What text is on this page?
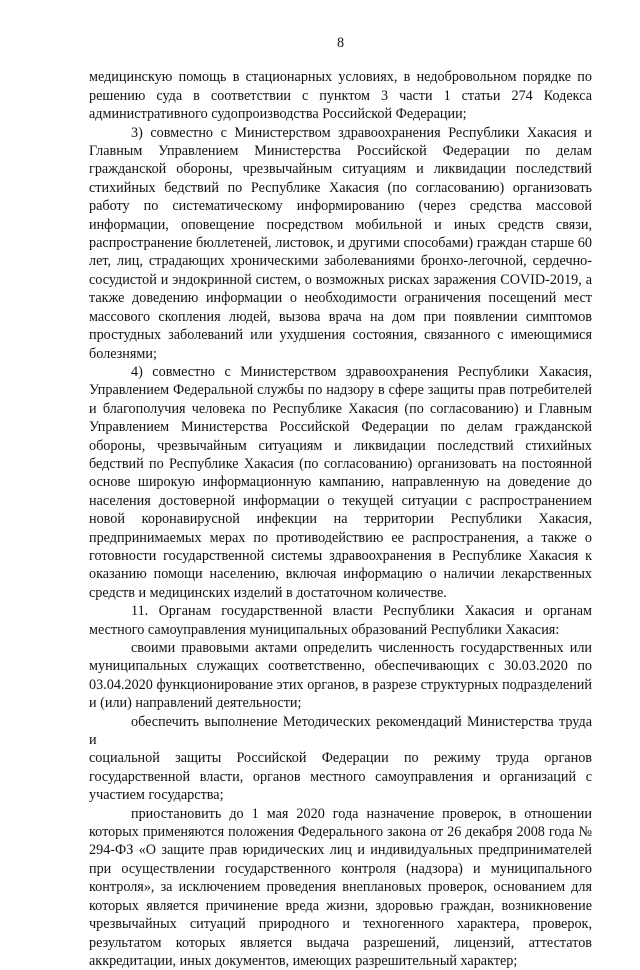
8
медицинскую помощь в стационарных условиях, в недобровольном порядке по
решению суда в соответствии с пунктом 3 части 1 статьи 274 Кодекса
административного судопроизводства Российской Федерации;
3) совместно с Министерством здравоохранения Республики Хакасия и
Главным Управлением Министерства Российской Федерации по делам
гражданской обороны, чрезвычайным ситуациям и ликвидации последствий
стихийных бедствий по Республике Хакасия (по согласованию) организовать
работу по систематическому информированию (через средства массовой
информации, оповещение посредством мобильной и иных средств связи,
распространение бюллетеней, листовок, и другими способами) граждан старше 60
лет, лиц, страдающих хроническими заболеваниями бронхо-легочной, сердечно-
сосудистой и эндокринной систем, о возможных рисках заражения COVID-2019, а
также доведению информации о необходимости ограничения посещений мест
массового скопления людей, вызова врача на дом при появлении симптомов
простудных заболеваний или ухудшения состояния, связанного с имеющимися
болезнями;
4) совместно с Министерством здравоохранения Республики Хакасия,
Управлением Федеральной службы по надзору в сфере защиты прав потребителей
и благополучия человека по Республике Хакасия (по согласованию) и Главным
Управлением Министерства Российской Федерации по делам гражданской
обороны, чрезвычайным ситуациям и ликвидации последствий стихийных
бедствий по Республике Хакасия (по согласованию) организовать на постоянной
основе широкую информационную кампанию, направленную на доведение до
населения достоверной информации о текущей ситуации с распространением
новой коронавирусной инфекции на территории Республики Хакасия,
предпринимаемых мерах по противодействию ее распространения, а также о
готовности государственной системы здравоохранения в Республике Хакасия к
оказанию помощи населению, включая информацию о наличии лекарственных
средств и медицинских изделий в достаточном количестве.
11. Органам государственной власти Республики Хакасия и органам
местного самоуправления муниципальных образований Республики Хакасия:
своими правовыми актами определить численность государственных или
муниципальных служащих соответственно, обеспечивающих с 30.03.2020 по
03.04.2020 функционирование этих органов, в разрезе структурных подразделений
и (или) направлений деятельности;
обеспечить выполнение Методических рекомендаций Министерства труда и
социальной защиты Российской Федерации по режиму труда органов
государственной власти, органов местного самоуправления и организаций с
участием государства;
приостановить до 1 мая 2020 года назначение проверок, в отношении
которых применяются положения Федерального закона от 26 декабря 2008 года №
294-ФЗ «О защите прав юридических лиц и индивидуальных предпринимателей
при осуществлении государственного контроля (надзора) и муниципального
контроля», за исключением проведения внеплановых проверок, основанием для
которых является причинение вреда жизни, здоровью граждан, возникновение
чрезвычайных ситуаций природного и техногенного характера, проверок,
результатом которых является выдача разрешений, лицензий, аттестатов
аккредитации, иных документов, имеющих разрешительный характер;
